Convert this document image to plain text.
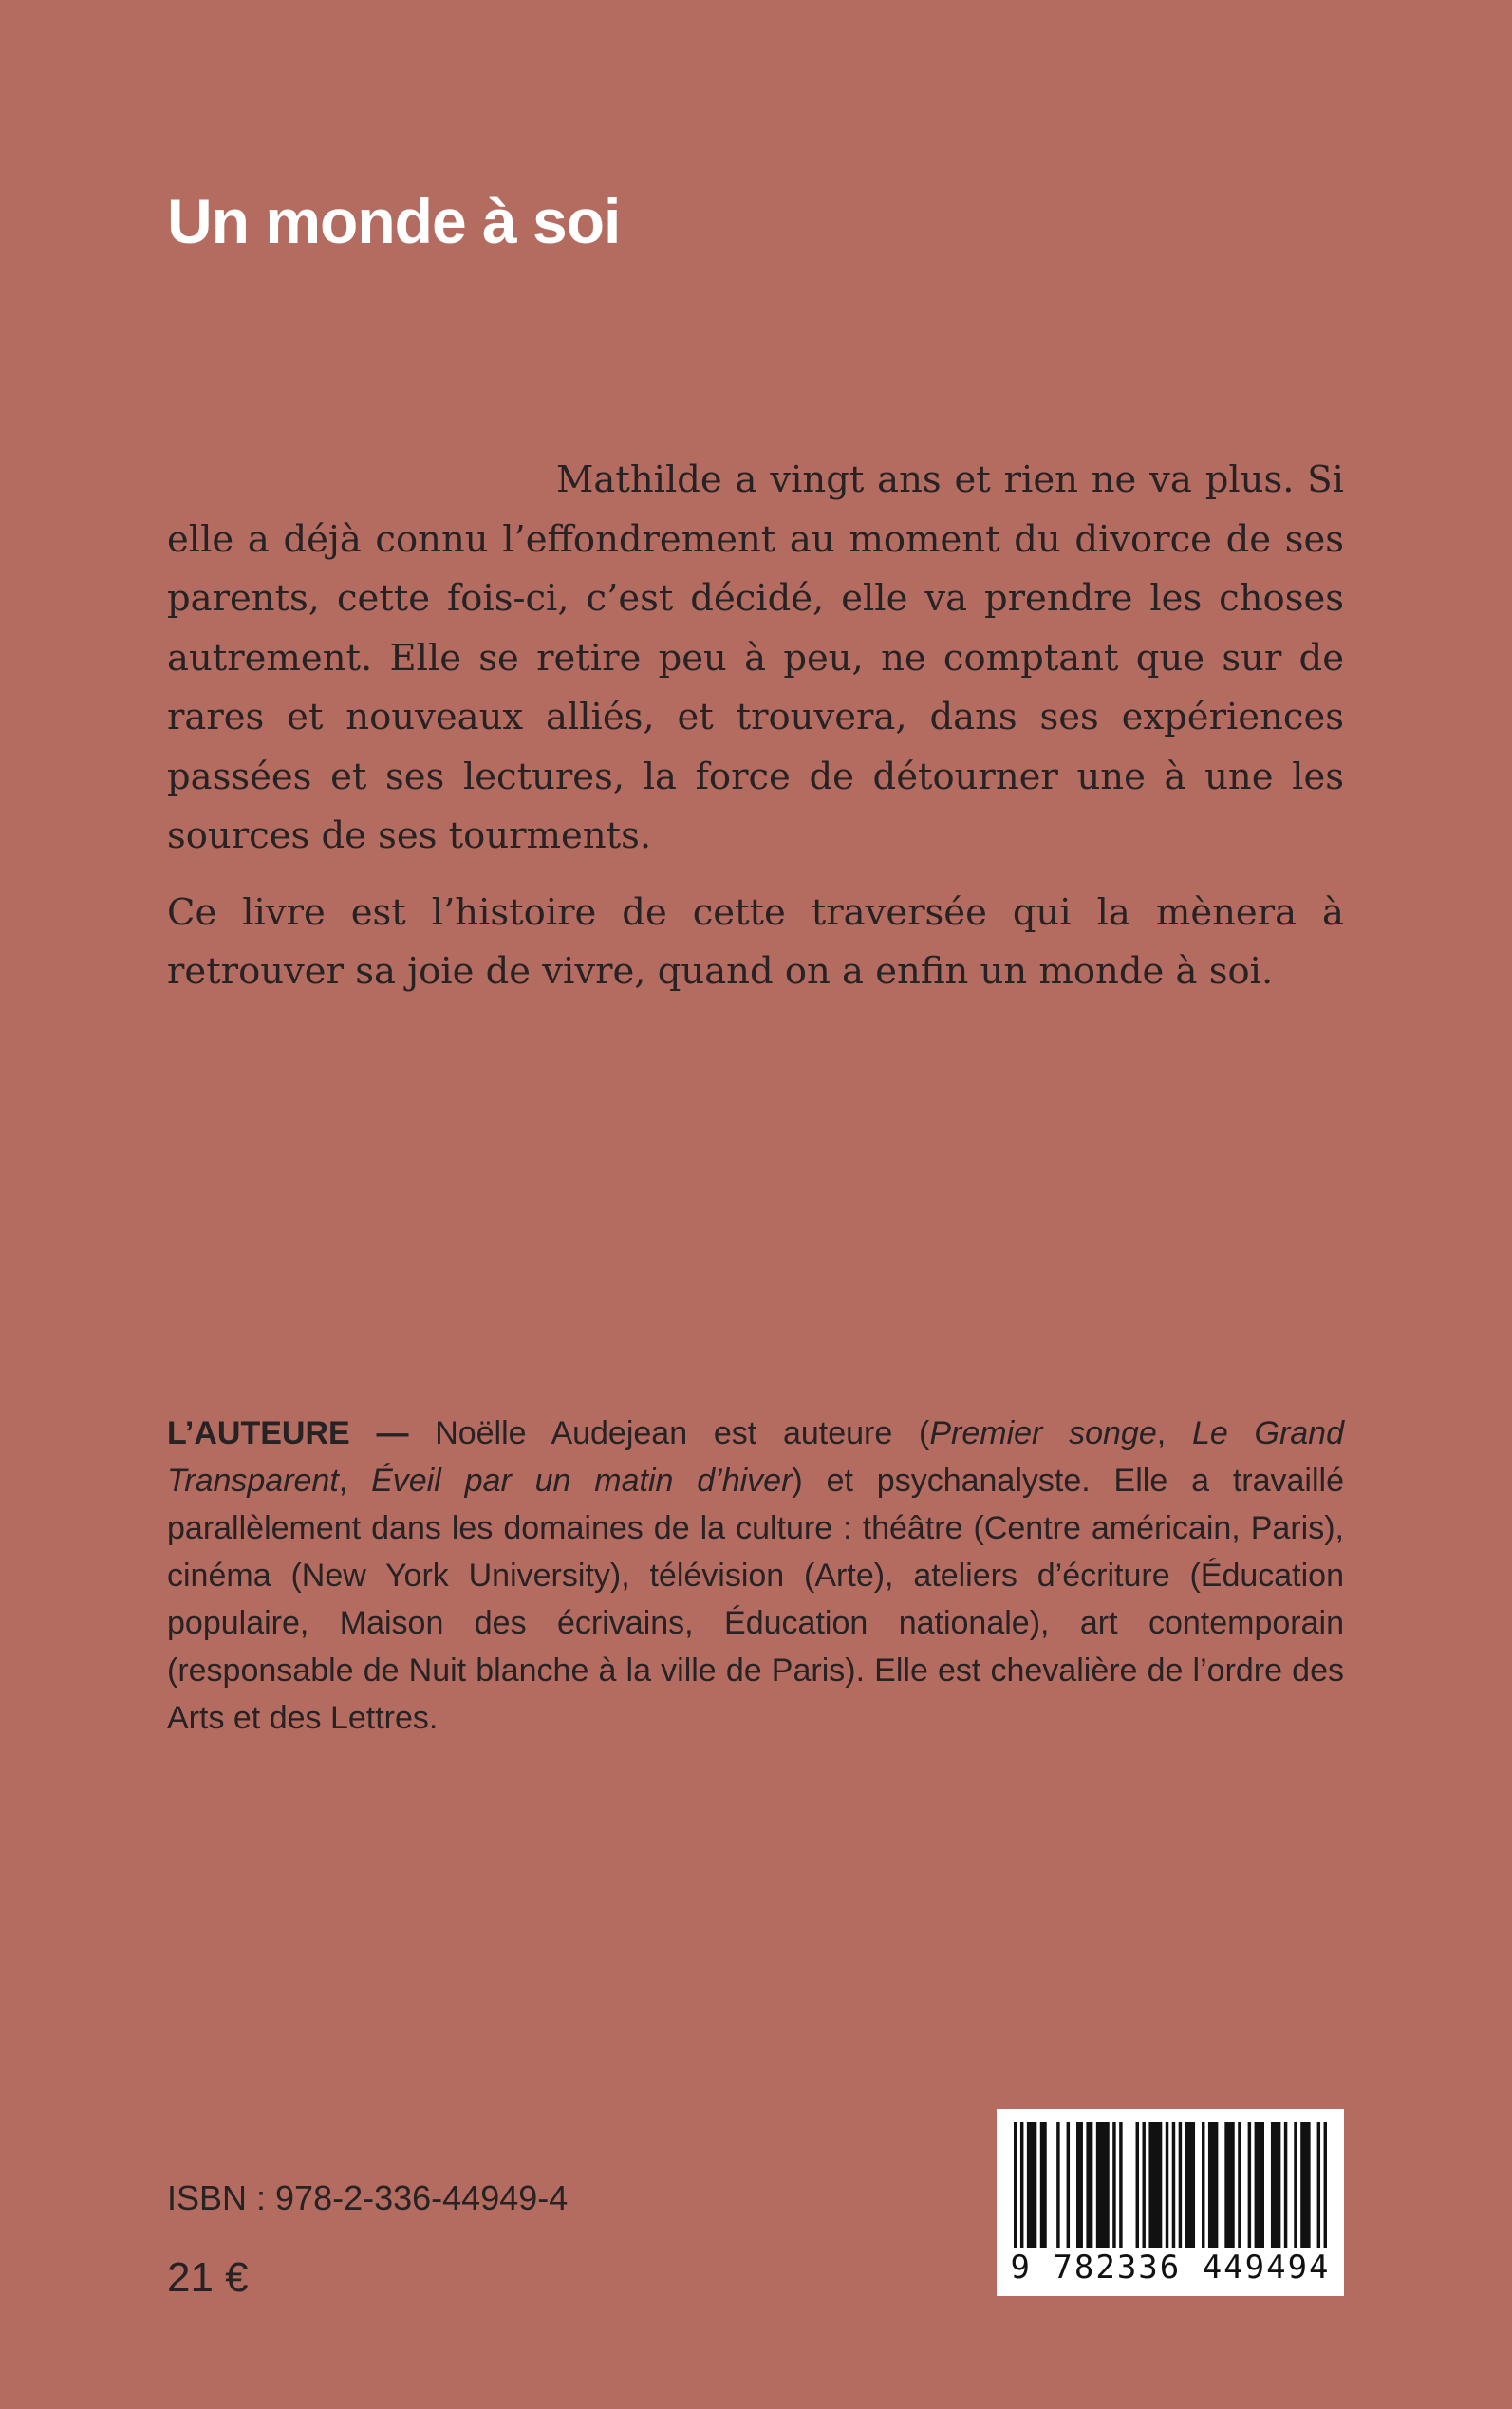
Un monde à soi

Mathilde a vingt ans et rien ne va plus. Si elle a déjà connu l’effondrement au moment du divorce de ses parents, cette fois-ci, c’est décidé, elle va prendre les choses autrement. Elle se retire peu à peu, ne comptant que sur de rares et nouveaux alliés, et trouvera, dans ses expériences passées et ses lectures, la force de détourner une à une les sources de ses tourments.

Ce livre est l’histoire de cette traversée qui la mènera à retrouver sa joie de vivre, quand on a enfin un monde à soi.

L’AUTEURE — Noëlle Audejean est auteure (Premier songe, Le Grand Transparent, Éveil par un matin d’hiver) et psychanalyste. Elle a travaillé parallèlement dans les domaines de la culture : théâtre (Centre américain, Paris), cinéma (New York University), télévision (Arte), ateliers d’écriture (Éducation populaire, Maison des écrivains, Éducation nationale), art contemporain (responsable de Nuit blanche à la ville de Paris). Elle est chevalière de l’ordre des Arts et des Lettres.

ISBN : 978-2-336-44949-4

21 €	9 782336 449494
